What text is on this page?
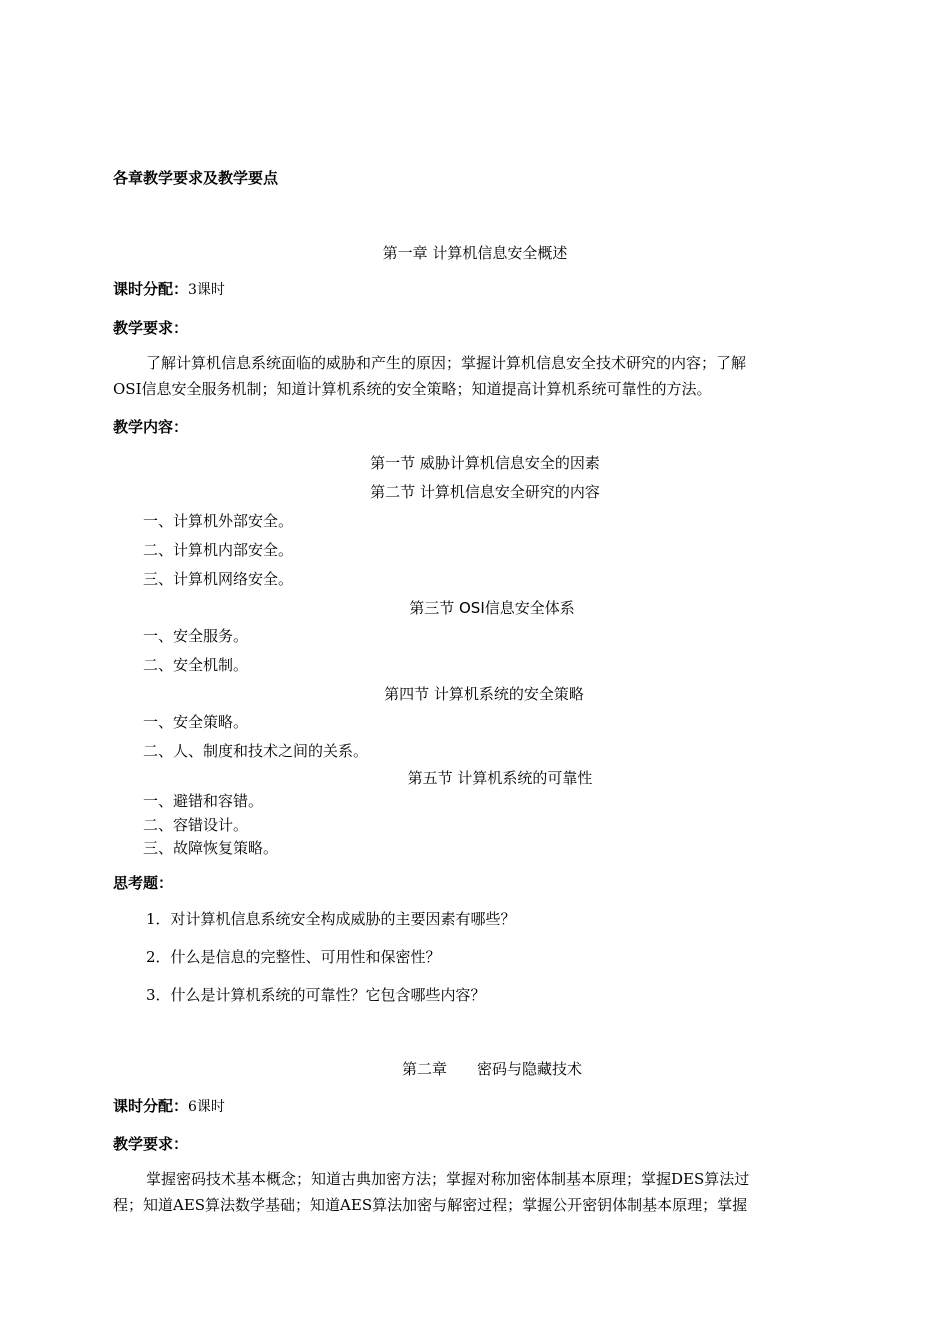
各章教学要求及教学要点
第一章 计算机信息安全概述
课时分配：3课时
教学要求：
了解计算机信息系统面临的威胁和产生的原因；掌握计算机信息安全技术研究的内容；了解
OSI信息安全服务机制；知道计算机系统的安全策略；知道提高计算机系统可靠性的方法。
教学内容：
第一节 威胁计算机信息安全的因素
第二节 计算机信息安全研究的内容
一、计算机外部安全。
二、计算机内部安全。
三、计算机网络安全。
第三节 OSI信息安全体系
一、安全服务。
二、安全机制。
第四节 计算机系统的安全策略
一、安全策略。
二、人、制度和技术之间的关系。
第五节 计算机系统的可靠性
一、避错和容错。
二、容错设计。
三、故障恢复策略。
思考题：
1．对计算机信息系统安全构成威胁的主要因素有哪些？
2．什么是信息的完整性、可用性和保密性？
3．什么是计算机系统的可靠性？它包含哪些内容？
第二章　　密码与隐藏技术
课时分配：6课时
教学要求：
掌握密码技术基本概念；知道古典加密方法；掌握对称加密体制基本原理；掌握DES算法过
程；知道AES算法数学基础；知道AES算法加密与解密过程；掌握公开密钥体制基本原理；掌握
